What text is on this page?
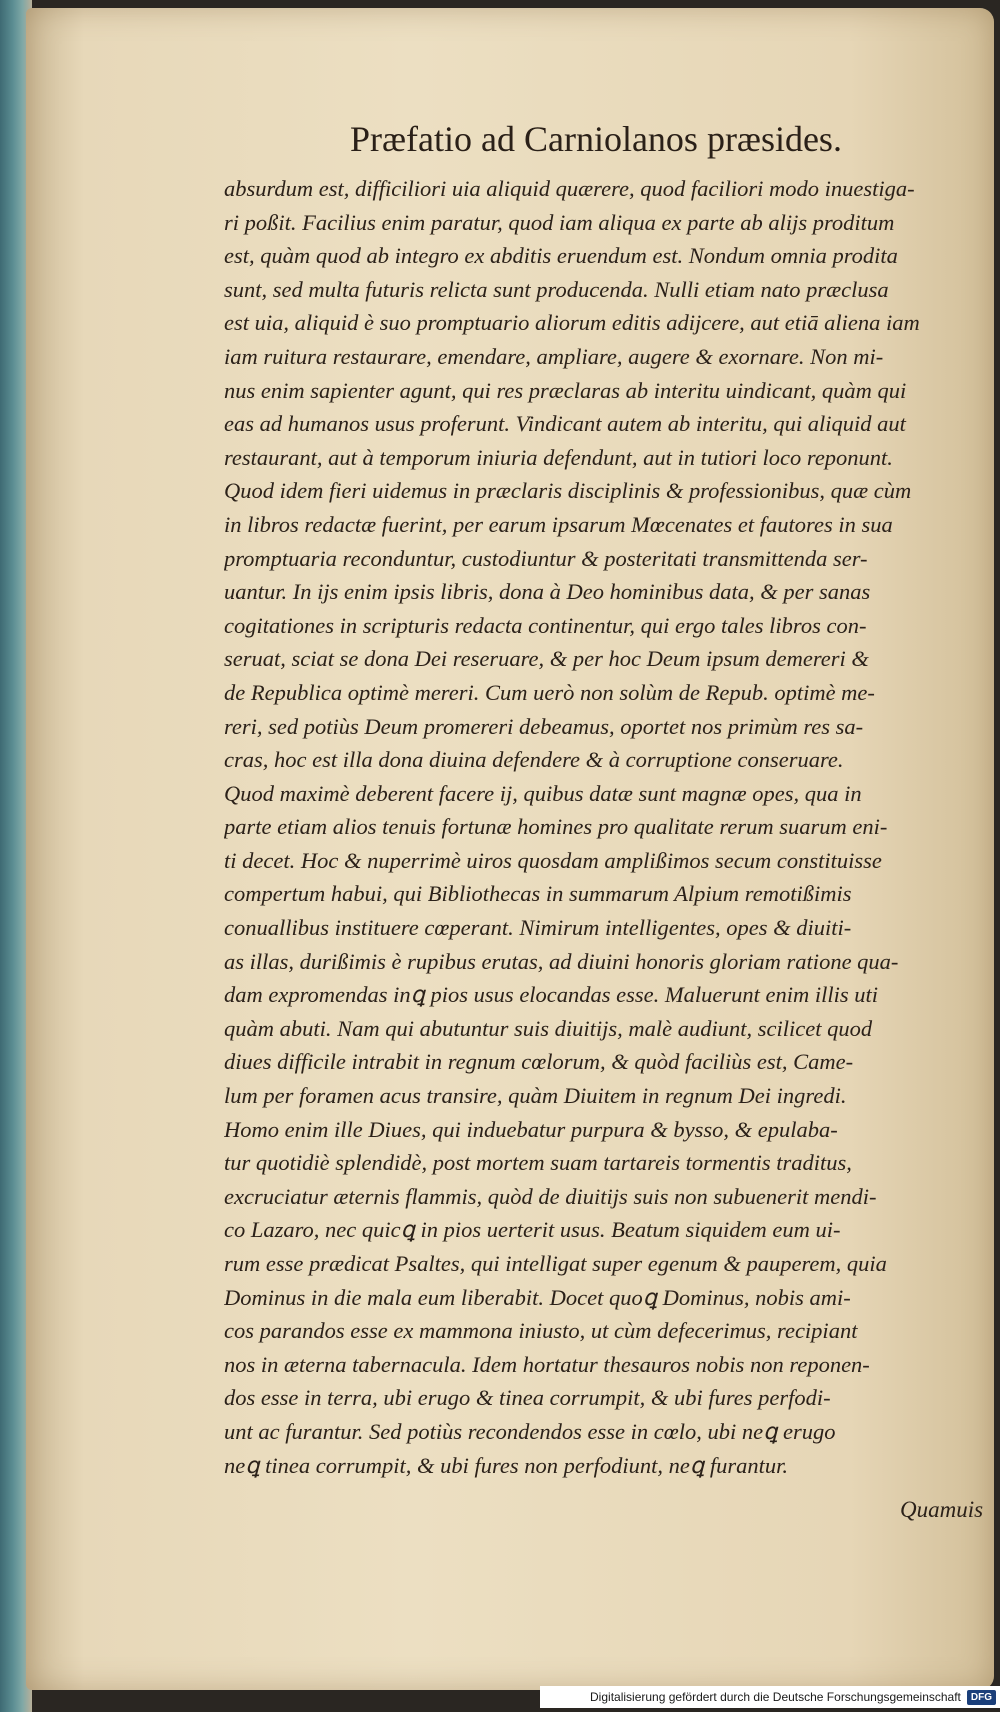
Præfatio ad Carniolanos præsides.
absurdum est, difficiliori uia aliquid quærere, quod faciliori modo inuestiga-
ri poßit. Facilius enim paratur, quod iam aliqua ex parte ab alijs proditum
est, quàm quod ab integro ex abditis eruendum est. Nondum omnia prodita
sunt, sed multa futuris relicta sunt producenda. Nulli etiam nato præclusa
est uia, aliquid è suo promptuario aliorum editis adijcere, aut etiā aliena iam
iam ruitura restaurare, emendare, ampliare, augere & exornare. Non mi-
nus enim sapienter agunt, qui res præclaras ab interitu uindicant, quàm qui
eas ad humanos usus proferunt. Vindicant autem ab interitu, qui aliquid aut
restaurant, aut à temporum iniuria defendunt, aut in tutiori loco reponunt.
Quod idem fieri uidemus in præclaris disciplinis & professionibus, quæ cùm
in libros redactæ fuerint, per earum ipsarum Mœcenates et fautores in sua
promptuaria reconduntur, custodiuntur & posteritati transmittenda ser-
uantur. In ijs enim ipsis libris, dona à Deo hominibus data, & per sanas
cogitationes in scripturis redacta continentur, qui ergo tales libros con-
seruat, sciat se dona Dei reseruare, & per hoc Deum ipsum demereri &
de Republica optimè mereri. Cum uerò non solùm de Repub. optimè me-
reri, sed potiùs Deum promereri debeamus, oportet nos primùm res sa-
cras, hoc est illa dona diuina defendere & à corruptione conseruare.
Quod maximè deberent facere ij, quibus datæ sunt magnæ opes, qua in
parte etiam alios tenuis fortunæ homines pro qualitate rerum suarum eni-
ti decet. Hoc & nuperrimè uiros quosdam amplißimos secum constituisse
compertum habui, qui Bibliothecas in summarum Alpium remotißimis
conuallibus instituere cœperant. Nimirum intelligentes, opes & diuiti-
as illas, durißimis è rupibus erutas, ad diuini honoris gloriam ratione qua-
dam expromendas inꝗ pios usus elocandas esse. Maluerunt enim illis uti
quàm abuti. Nam qui abutuntur suis diuitijs, malè audiunt, scilicet quod
diues difficile intrabit in regnum cœlorum, & quòd faciliùs est, Came-
lum per foramen acus transire, quàm Diuitem in regnum Dei ingredi.
Homo enim ille Diues, qui induebatur purpura & bysso, & epulaba-
tur quotidiè splendidè, post mortem suam tartareis tormentis traditus,
excruciatur æternis flammis, quòd de diuitijs suis non subuenerit mendi-
co Lazaro, nec quicꝗ in pios uerterit usus. Beatum siquidem eum ui-
rum esse prædicat Psaltes, qui intelligat super egenum & pauperem, quia
Dominus in die mala eum liberabit. Docet quoꝗ Dominus, nobis ami-
cos parandos esse ex mammona iniusto, ut cùm defecerimus, recipiant
nos in æterna tabernacula. Idem hortatur thesauros nobis non reponen-
dos esse in terra, ubi erugo & tinea corrumpit, & ubi fures perfodi-
unt ac furantur. Sed potiùs recondendos esse in cœlo, ubi neꝗ erugo
neꝗ tinea corrumpit, & ubi fures non perfodiunt, neꝗ furantur.
Quamuis
Digitalisierung gefördert durch die Deutsche Forschungsgemeinschaft	DFG
